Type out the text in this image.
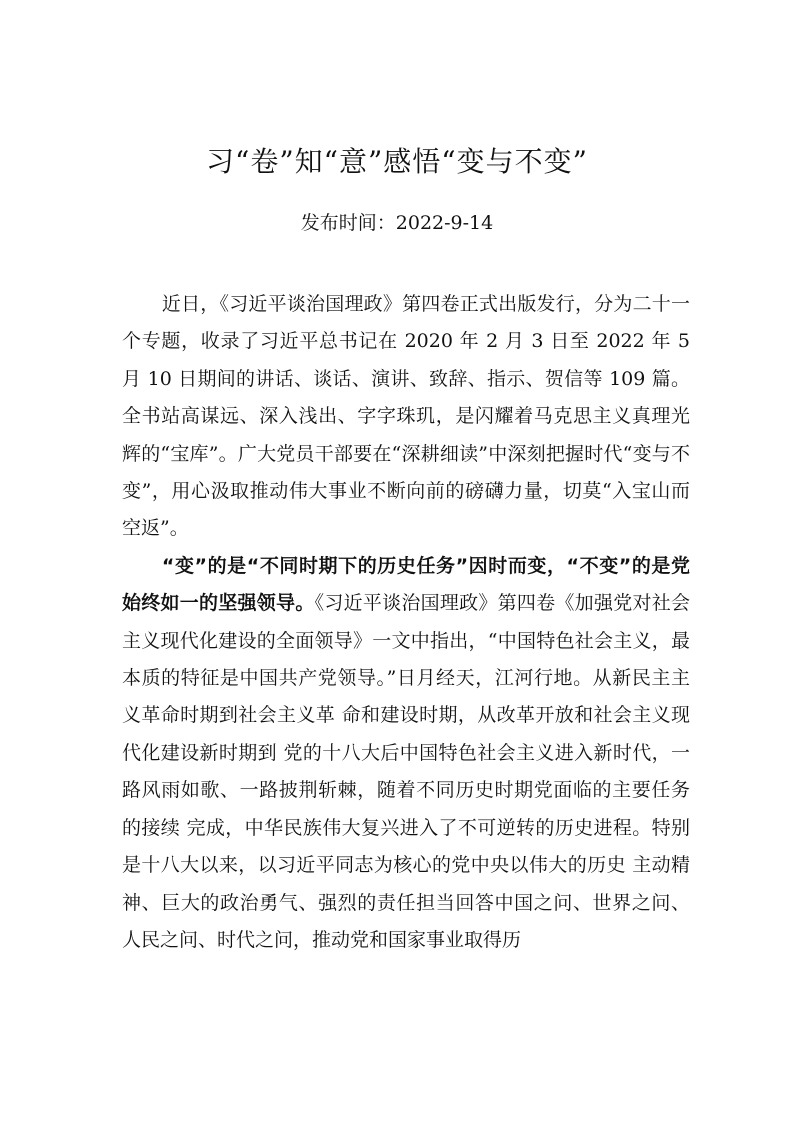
习“卷”知“意”感悟“变与不变”
发布时间：2022-9-14

近日，《习近平谈治国理政》第四卷正式出版发行，分为二十一个专题，收录了习近平总书记在 2020 年 2 月 3 日至 2022 年 5 月 10 日期间的讲话、谈话、演讲、致辞、指示、贺信等 109 篇。全书站高谋远、深入浅出、字字珠玑，是闪耀着马克思主义真理光辉的“宝库”。广大党员干部要在“深耕细读”中深刻把握时代“变与不变”，用心汲取推动伟大事业不断向前的磅礴力量，切莫“入宝山而空返”。

“变”的是“不同时期下的历史任务”因时而变，“不变”的是党始终如一的坚强领导。《习近平谈治国理政》第四卷《加强党对社会主义现代化建设的全面领导》一文中指出，“中国特色社会主义，最本质的特征是中国共产党领导。”日月经天，江河行地。从新民主主义革命时期到社会主义革 命和建设时期，从改革开放和社会主义现代化建设新时期到 党的十八大后中国特色社会主义进入新时代，一路风雨如歌、一路披荆斩棘，随着不同历史时期党面临的主要任务的接续 完成，中华民族伟大复兴进入了不可逆转的历史进程。特别 是十八大以来，以习近平同志为核心的党中央以伟大的历史 主动精神、巨大的政治勇气、强烈的责任担当回答中国之问、世界之问、人民之问、时代之问，推动党和国家事业取得历
